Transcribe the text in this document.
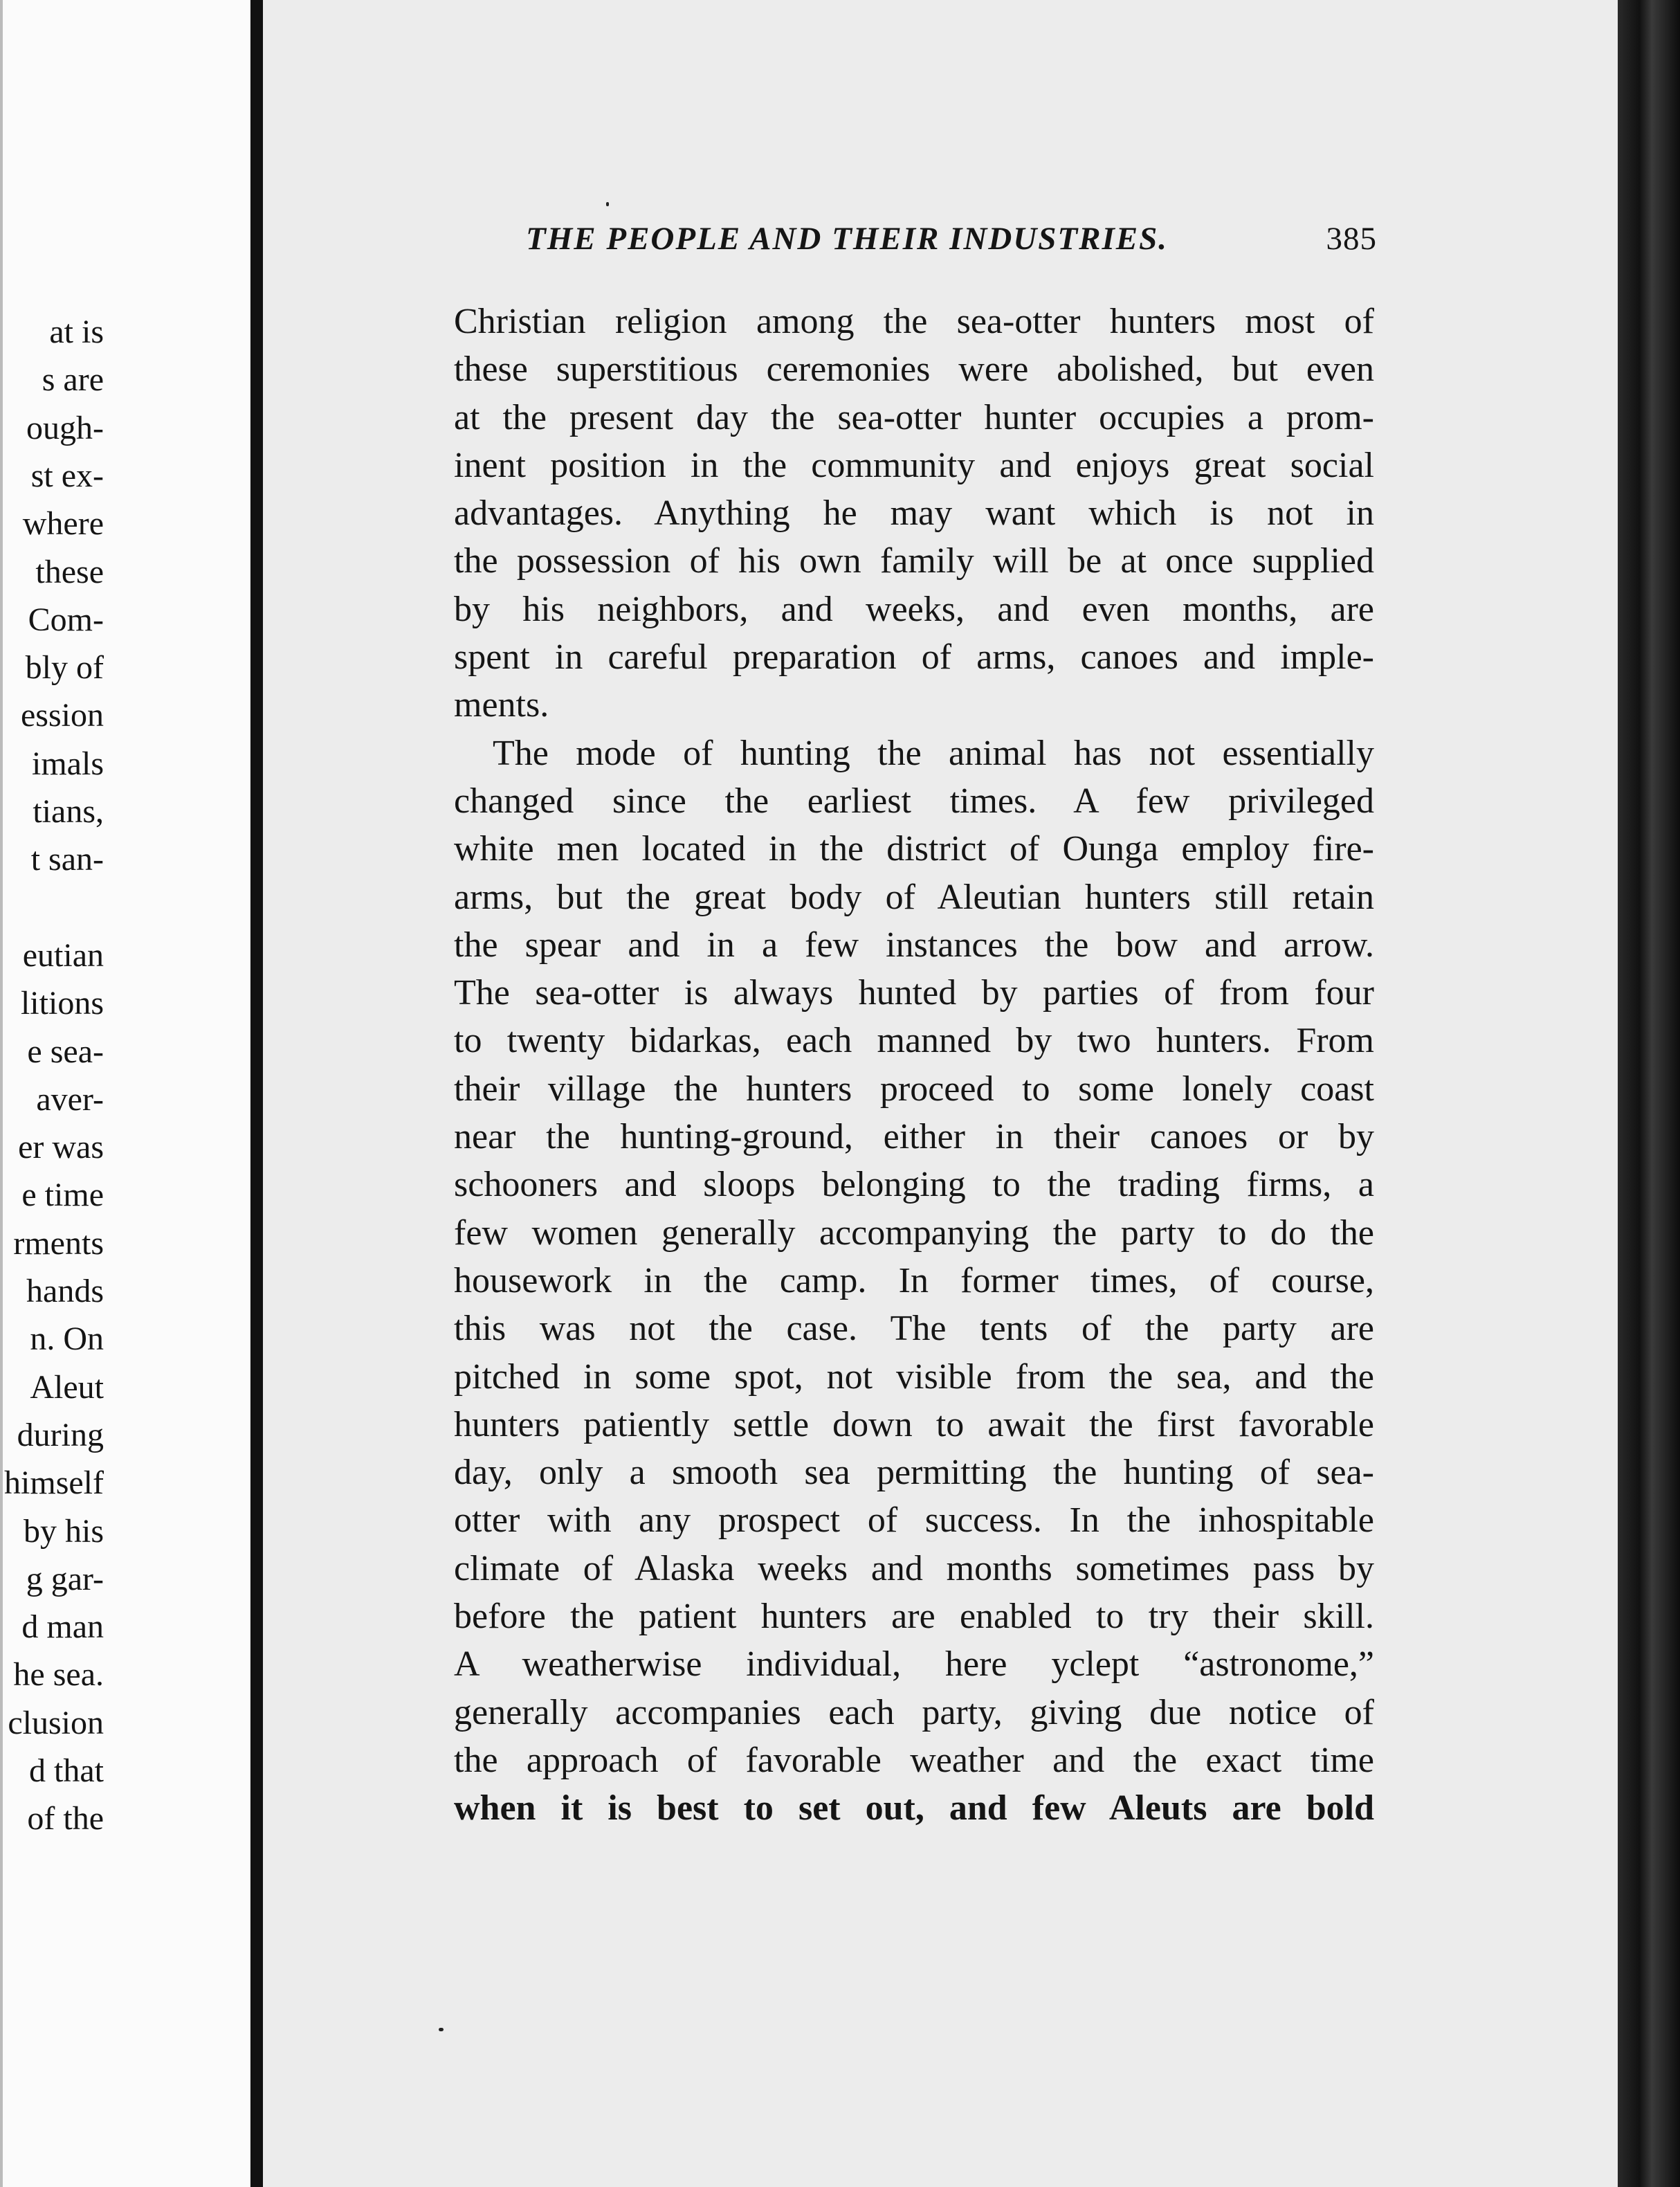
at is
s are
ough-
st ex-
where
these
Com-
bly of
ession
imals
tians,
t san-
eutian
litions
e sea-
aver-
er was
e time
rments
hands
n. On
Aleut
during
himself
by his
g gar-
d man
he sea.
clusion
d that
of the
THE PEOPLE AND THEIR INDUSTRIES.	385
Christian religion among the sea-otter hunters most of
these superstitious ceremonies were abolished, but even
at the present day the sea-otter hunter occupies a prom-
inent position in the community and enjoys great social
advantages. Anything he may want which is not in
the possession of his own family will be at once supplied
by his neighbors, and weeks, and even months, are
spent in careful preparation of arms, canoes and imple-
ments.
The mode of hunting the animal has not essentially
changed since the earliest times. A few privileged
white men located in the district of Ounga employ fire-
arms, but the great body of Aleutian hunters still retain
the spear and in a few instances the bow and arrow.
The sea-otter is always hunted by parties of from four
to twenty bidarkas, each manned by two hunters. From
their village the hunters proceed to some lonely coast
near the hunting-ground, either in their canoes or by
schooners and sloops belonging to the trading firms, a
few women generally accompanying the party to do the
housework in the camp. In former times, of course,
this was not the case. The tents of the party are
pitched in some spot, not visible from the sea, and the
hunters patiently settle down to await the first favorable
day, only a smooth sea permitting the hunting of sea-
otter with any prospect of success. In the inhospitable
climate of Alaska weeks and months sometimes pass by
before the patient hunters are enabled to try their skill.
A weatherwise individual, here yclept “astronome,”
generally accompanies each party, giving due notice of
the approach of favorable weather and the exact time
when it is best to set out, and few Aleuts are bold
